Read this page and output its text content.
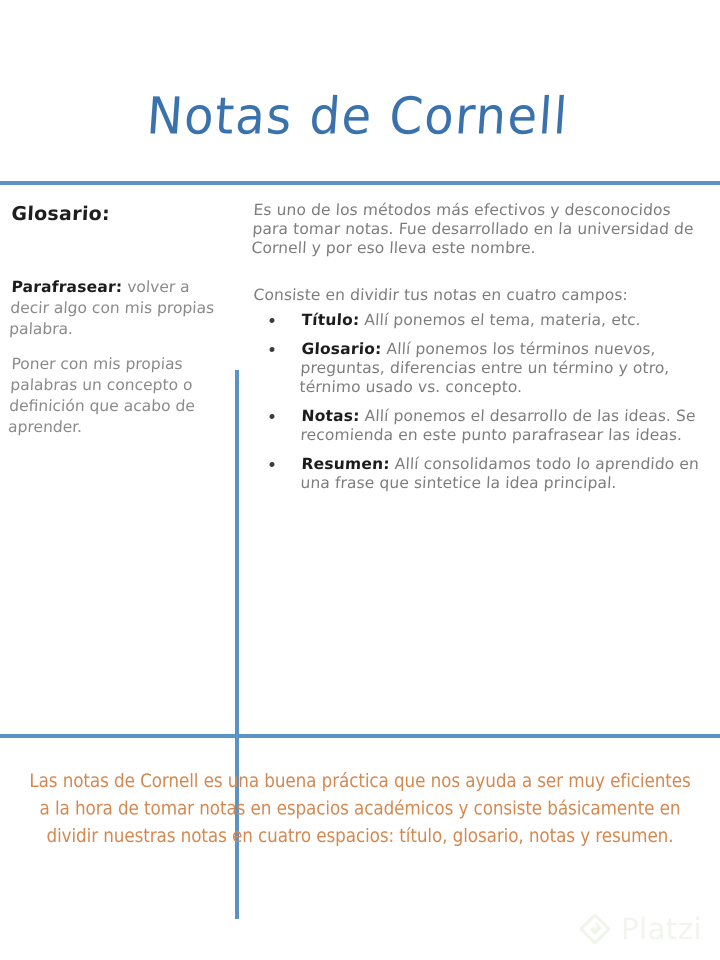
Notas de Cornell
Glosario:

Parafrasear: volver a decir algo con mis propias palabra.

Poner con mis propias palabras un concepto o definición que acabo de aprender.

Es uno de los métodos más efectivos y desconocidos para tomar notas. Fue desarrollado en la universidad de Cornell y por eso lleva este nombre.

Consiste en dividir tus notas en cuatro campos:

Título: Allí ponemos el tema, materia, etc.
Glosario: Allí ponemos los términos nuevos, preguntas, diferencias entre un término y otro, térnimo usado vs. concepto.
Notas: Allí ponemos el desarrollo de las ideas. Se recomienda en este punto parafrasear las ideas.
Resumen: Allí consolidamos todo lo aprendido en una frase que sintetice la idea principal.
Las notas de Cornell es una buena práctica que nos ayuda a ser muy eficientes a la hora de tomar notas en espacios académicos y consiste básicamente en dividir nuestras notas en cuatro espacios: título, glosario, notas y resumen.
Platzi
